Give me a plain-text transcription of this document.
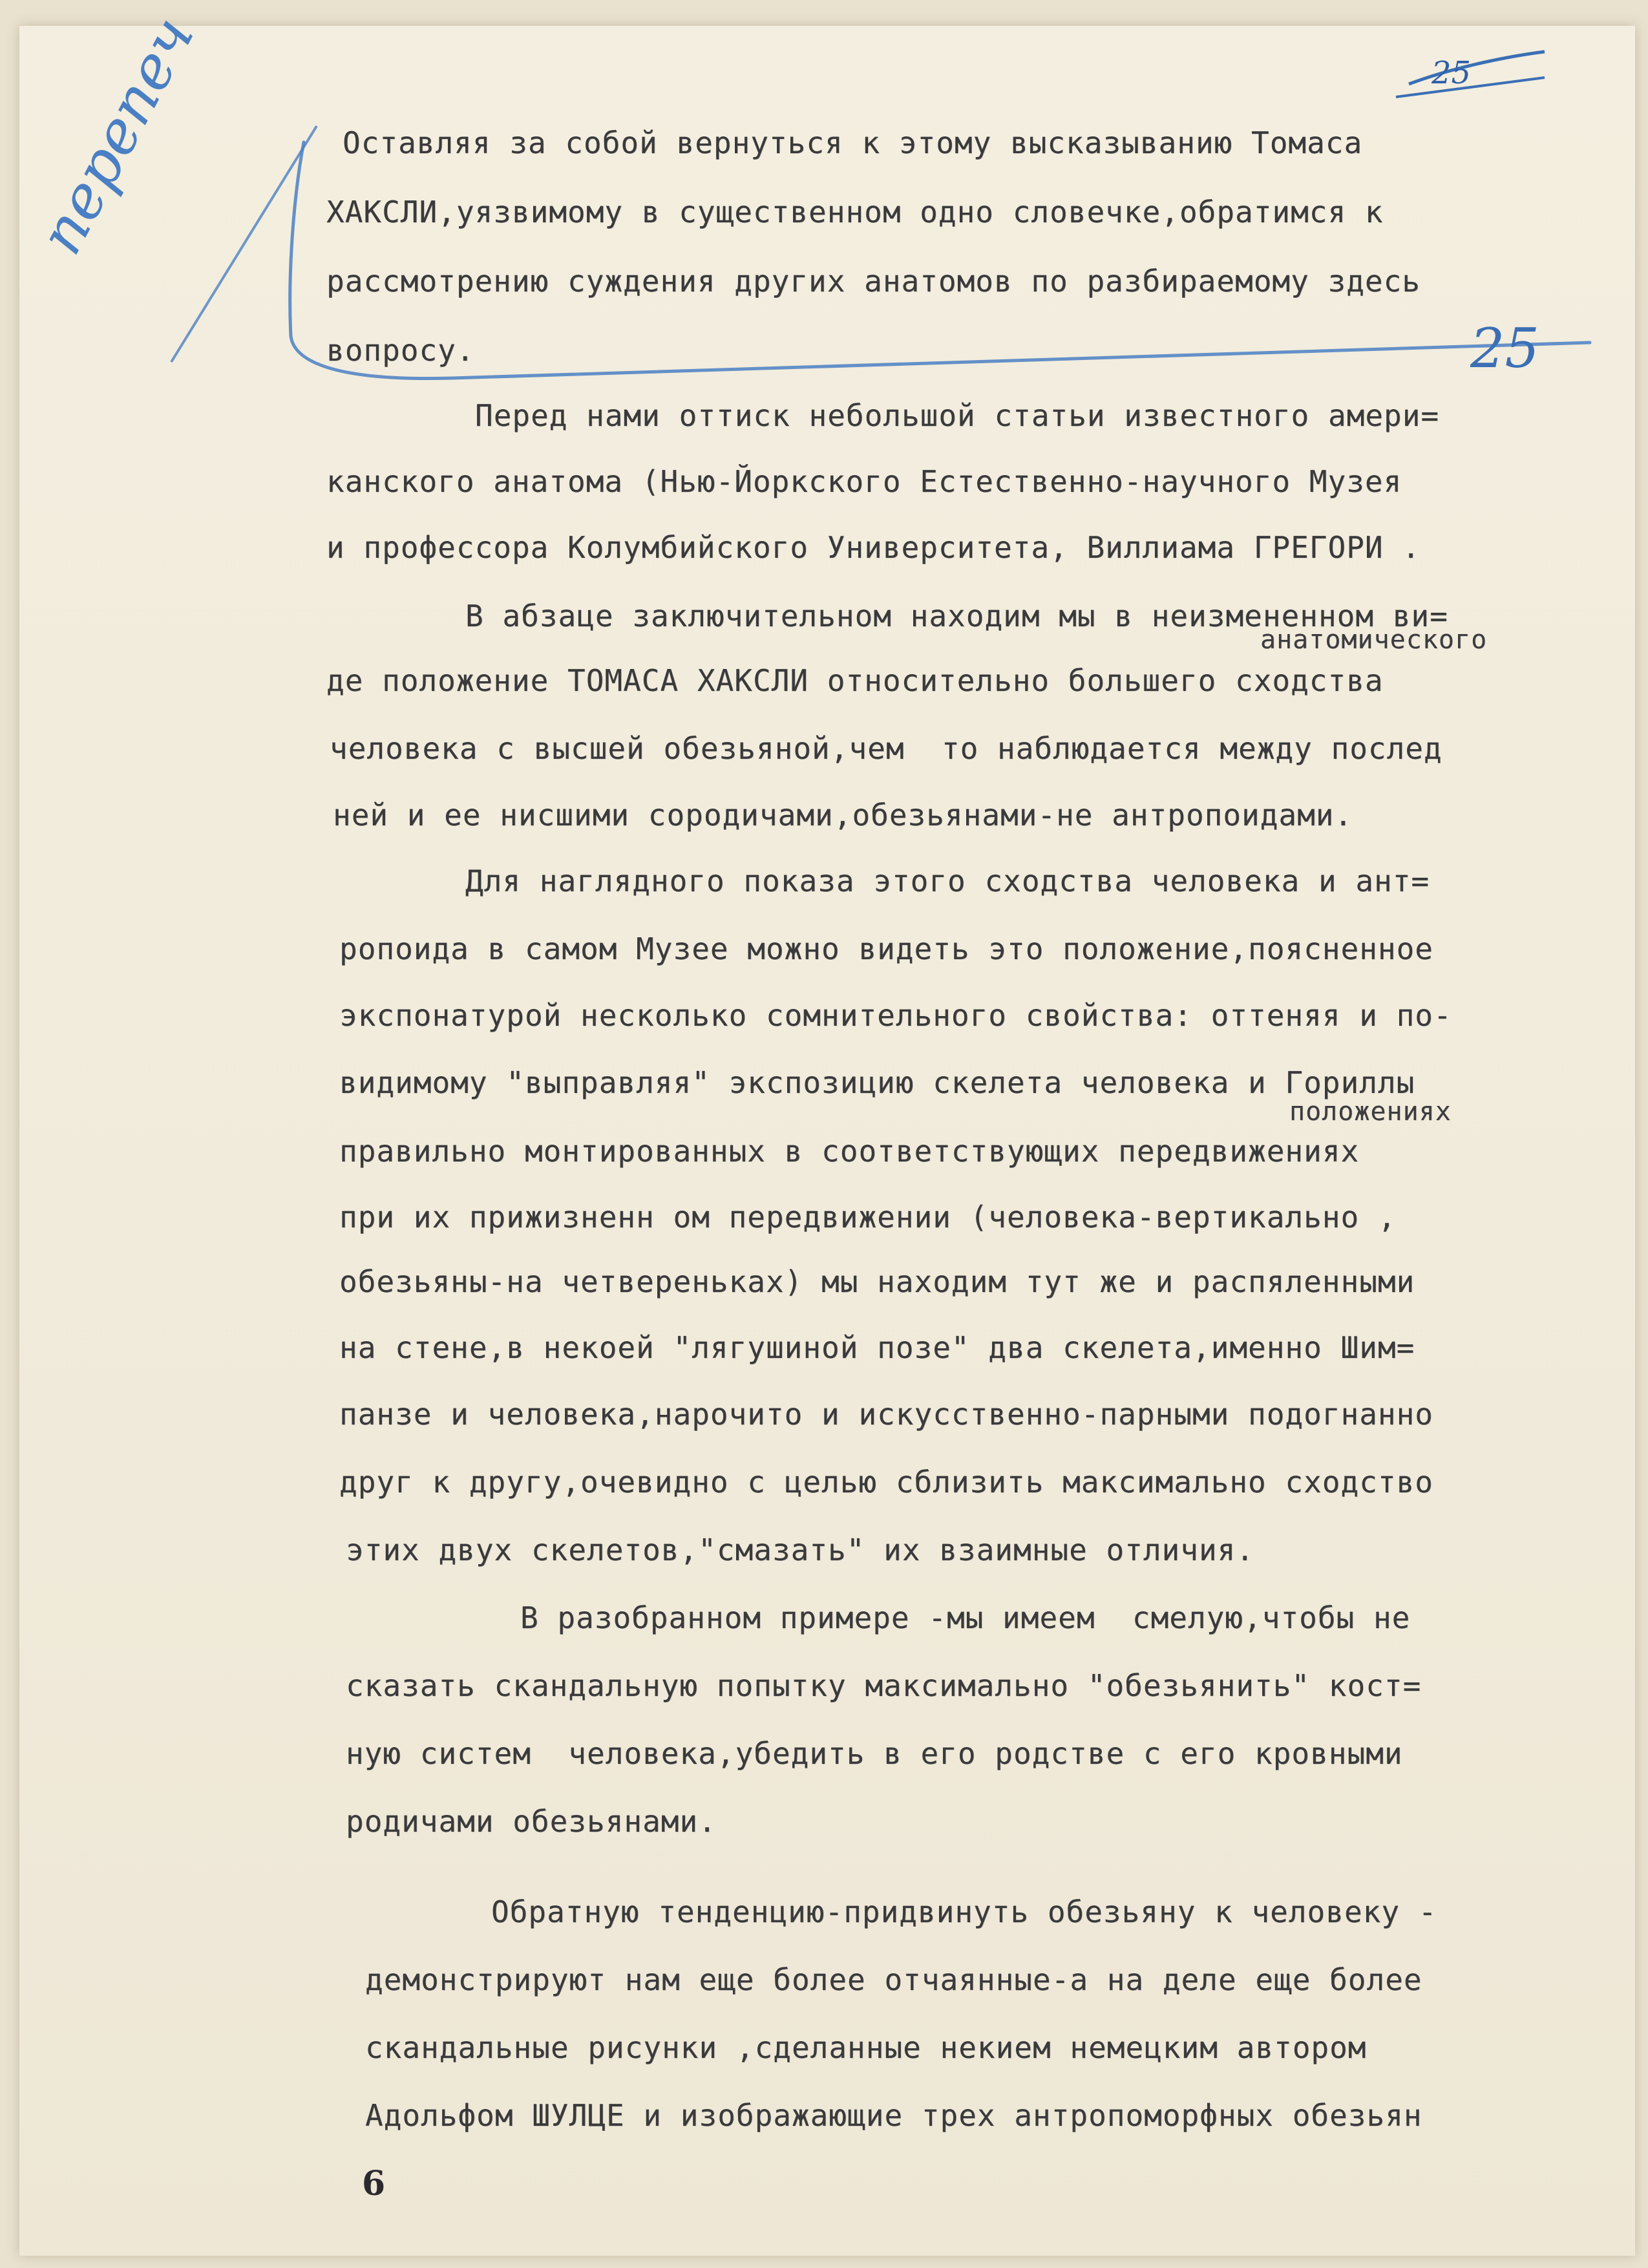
25
25
перепеч	Оставляя за собой вернуться к этому высказыванию Томаса
ХАКСЛИ,уязвимому в существенном одно словечке,обратимся к
рассмотрению суждения других анатомов по разбираемому здесь
вопросу.
Перед нами оттиск небольшой статьи известного амери=
канского анатома (Нью-Йоркского Естественно-научного Музея
и профессора Колумбийского Университета, Виллиама ГРЕГОРИ .
В абзаце заключительном находим мы в неизмененном ви=
анатомического
де положение ТОМАСА ХАКСЛИ относительно большего сходства
человека с высшей обезьяной,чем  то наблюдается между послед
ней и ее нисшими сородичами,обезьянами-не антропоидами.
Для наглядного показа этого сходства человека и ант=
ропоида в самом Музее можно видеть это положение,поясненное
экспонатурой несколько сомнительного свойства: оттеняя и по-
видимому "выправляя" экспозицию скелета человека и Гориллы
положениях
правильно монтированных в соответствующих передвижениях
при их прижизненн ом передвижении (человека-вертикально ,
обезьяны-на четвереньках) мы находим тут же и распяленными
на стене,в некоей "лягушиной позе" два скелета,именно Шим=
панзе и человека,нарочито и искусственно-парными подогнанно
друг к другу,очевидно с целью сблизить максимально сходство
этих двух скелетов,"смазать" их взаимные отличия.
В разобранном примере -мы имеем  смелую,чтобы не
сказать скандальную попытку максимально "обезьянить" кост=
ную систем  человека,убедить в его родстве с его кровными
родичами обезьянами.
Обратную тенденцию-придвинуть обезьяну к человеку -
демонстрируют нам еще более отчаянные-а на деле еще более
скандальные рисунки ,сделанные некием немецким автором
Адольфом ШУЛЦЕ и изображающие трех антропоморфных обезьян
6
